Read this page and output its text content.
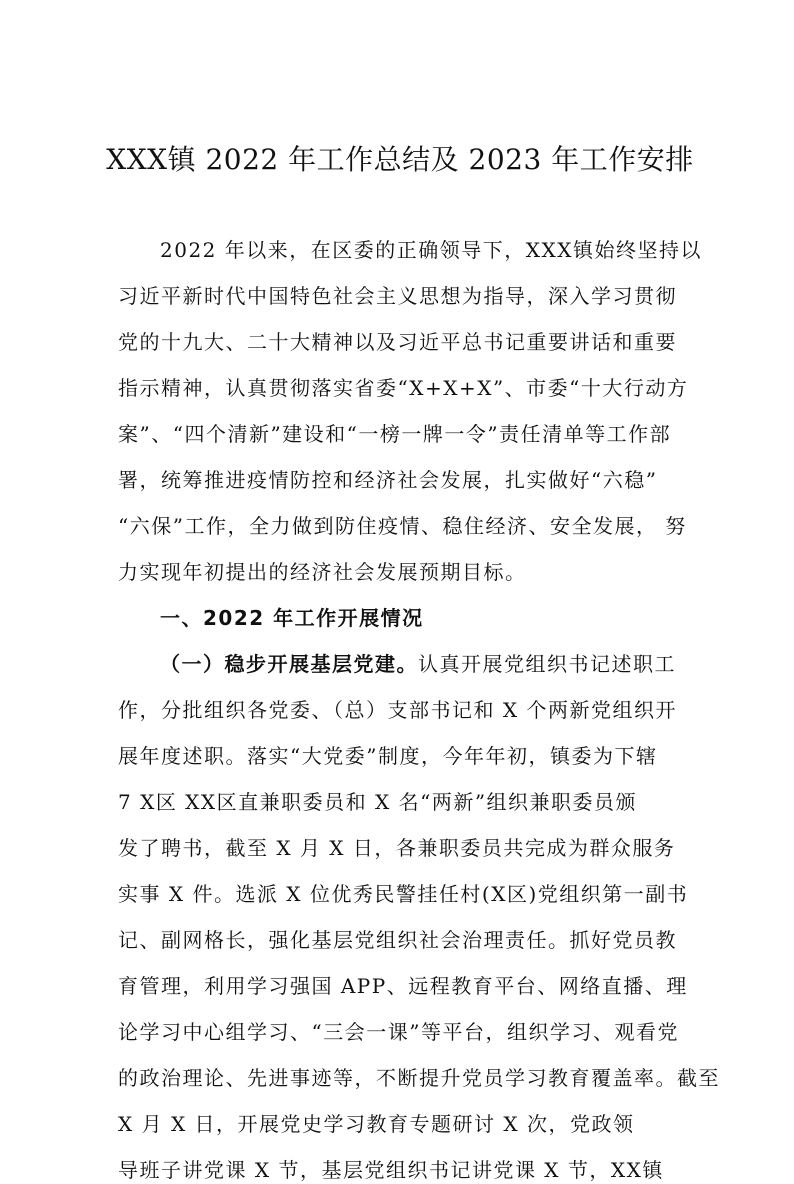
XXX镇 2022 年工作总结及 2023 年工作安排
2022 年以来，在区委的正确领导下，XXX镇始终坚持以
习近平新时代中国特色社会主义思想为指导，深入学习贯彻
党的十九大、二十大精神以及习近平总书记重要讲话和重要
指示精神，认真贯彻落实省委“X+X+X”、市委“十大行动方
案”、“四个清新”建设和“一榜一牌一令”责任清单等工作部
署，统筹推进疫情防控和经济社会发展，扎实做好“六稳”
“六保”工作，全力做到防住疫情、稳住经济、安全发展， 努
力实现年初提出的经济社会发展预期目标。
一、2022 年工作开展情况
（一）稳步开展基层党建。认真开展党组织书记述职工
作，分批组织各党委、（总）支部书记和 X 个两新党组织开
展年度述职。落实“大党委”制度，今年年初，镇委为下辖
7 X区 XX区直兼职委员和 X 名“两新”组织兼职委员颁
发了聘书，截至 X 月 X 日，各兼职委员共完成为群众服务
实事 X 件。选派 X 位优秀民警挂任村(X区)党组织第一副书
记、副网格长，强化基层党组织社会治理责任。抓好党员教
育管理，利用学习强国 APP、远程教育平台、网络直播、理
论学习中心组学习、“三会一课”等平台，组织学习、观看党
的政治理论、先进事迹等，不断提升党员学习教育覆盖率。截至
X 月 X 日，开展党史学习教育专题研讨 X 次，党政领
导班子讲党课 X 节，基层党组织书记讲党课 X 节，XX镇
